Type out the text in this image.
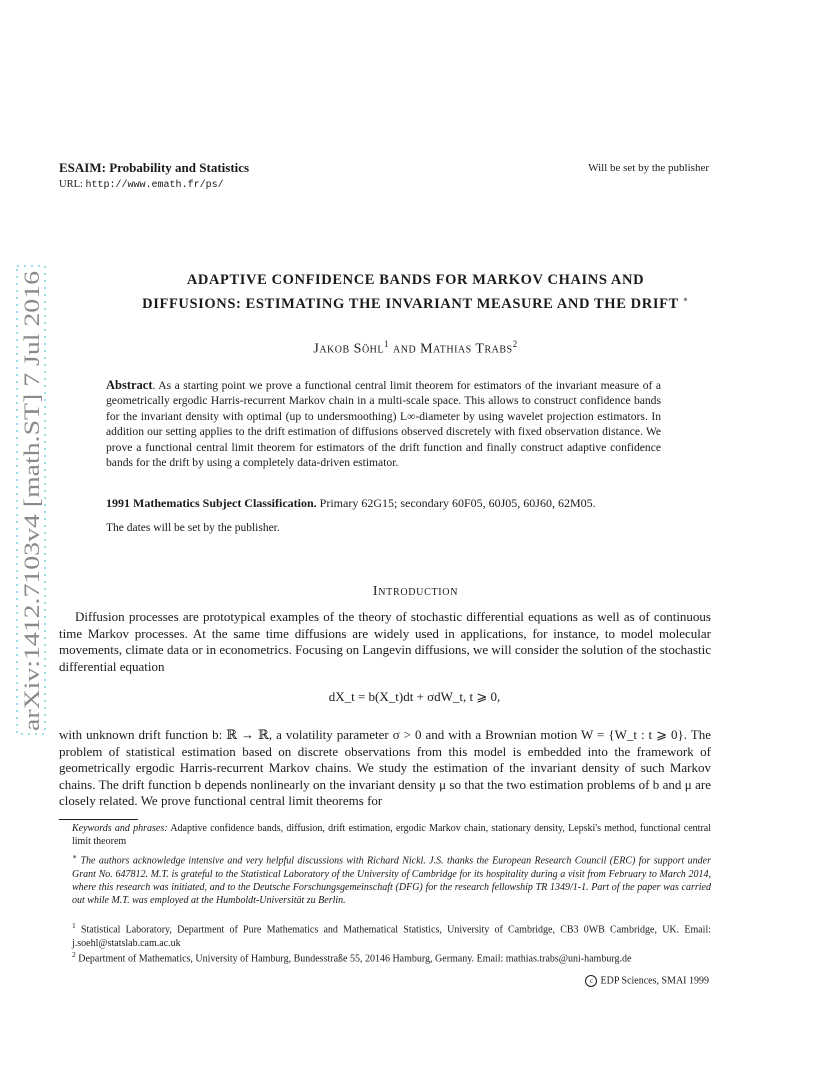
ESAIM: Probability and Statistics
URL: http://www.emath.fr/ps/
Will be set by the publisher
arXiv:1412.7103v4 [math.ST] 7 Jul 2016
ADAPTIVE CONFIDENCE BANDS FOR MARKOV CHAINS AND
DIFFUSIONS: ESTIMATING THE INVARIANT MEASURE AND THE DRIFT ∗
Jakob Söhl$^1$ and Mathias Trabs$^2$
Abstract. As a starting point we prove a functional central limit theorem for estimators of the invariant measure of a geometrically ergodic Harris-recurrent Markov chain in a multi-scale space. This allows to construct confidence bands for the invariant density with optimal (up to undersmoothing) L∞-diameter by using wavelet projection estimators. In addition our setting applies to the drift estimation of diffusions observed discretely with fixed observation distance. We prove a functional central limit theorem for estimators of the drift function and finally construct adaptive confidence bands for the drift by using a completely data-driven estimator.
1991 Mathematics Subject Classification. Primary 62G15; secondary 60F05, 60J05, 60J60, 62M05.
The dates will be set by the publisher.
Introduction
Diffusion processes are prototypical examples of the theory of stochastic differential equations as well as of continuous time Markov processes. At the same time diffusions are widely used in applications, for instance, to model molecular movements, climate data or in econometrics. Focusing on Langevin diffusions, we will consider the solution of the stochastic differential equation
dX_t = b(X_t)dt + σdW_t, t ⩾ 0,
with unknown drift function b: ℝ → ℝ, a volatility parameter σ > 0 and with a Brownian motion W = {W_t : t ⩾ 0}. The problem of statistical estimation based on discrete observations from this model is embedded into the framework of geometrically ergodic Harris-recurrent Markov chains. We study the estimation of the invariant density of such Markov chains. The drift function b depends nonlinearly on the invariant density μ so that the two estimation problems of b and μ are closely related. We prove functional central limit theorems for
Keywords and phrases: Adaptive confidence bands, diffusion, drift estimation, ergodic Markov chain, stationary density, Lepski's method, functional central limit theorem
∗ The authors acknowledge intensive and very helpful discussions with Richard Nickl. J.S. thanks the European Research Council (ERC) for support under Grant No. 647812. M.T. is grateful to the Statistical Laboratory of the University of Cambridge for its hospitality during a visit from February to March 2014, where this research was initiated, and to the Deutsche Forschungsgemeinschaft (DFG) for the research fellowship TR 1349/1-1. Part of the paper was carried out while M.T. was employed at the Humboldt-Universität zu Berlin.
$^1$ Statistical Laboratory, Department of Pure Mathematics and Mathematical Statistics, University of Cambridge, CB3 0WB Cambridge, UK. Email: j.soehl@statslab.cam.ac.uk
$^2$ Department of Mathematics, University of Hamburg, Bundesstraße 55, 20146 Hamburg, Germany. Email: mathias.trabs@uni-hamburg.de
c EDP Sciences, SMAI 1999
